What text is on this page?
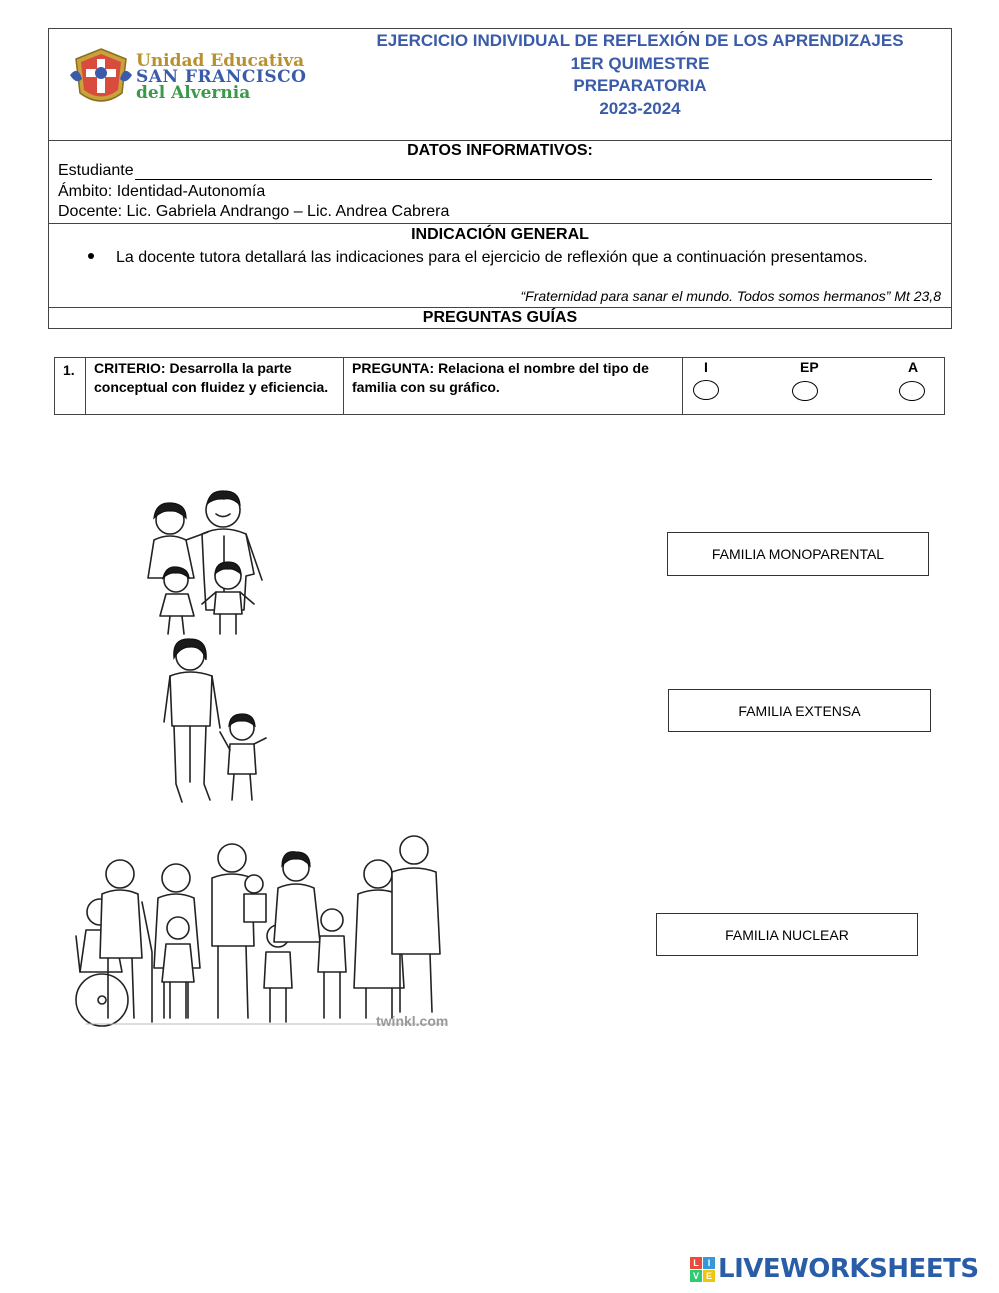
Unidad Educativa
SAN FRANCISCO
del Alvernia
EJERCICIO INDIVIDUAL DE REFLEXIÓN DE LOS APRENDIZAJES
1ER QUIMESTRE
PREPARATORIA
2023-2024
DATOS INFORMATIVOS:
Estudiante
Ámbito: Identidad-Autonomía
Docente: Lic. Gabriela Andrango – Lic. Andrea Cabrera
INDICACIÓN GENERAL
La docente tutora detallará las indicaciones para el ejercicio de reflexión que a continuación presentamos.
“Fraternidad para sanar el mundo. Todos somos hermanos” Mt 23,8
PREGUNTAS GUÍAS
1. CRITERIO: Desarrolla la parte conceptual con fluidez y eficiencia.
PREGUNTA: Relaciona el nombre del tipo de familia con su gráfico.
I	EP	A
twinkl.com
FAMILIA MONOPARENTAL
FAMILIA EXTENSA
FAMILIA NUCLEAR
L I
V E LIVEWORKSHEETS
